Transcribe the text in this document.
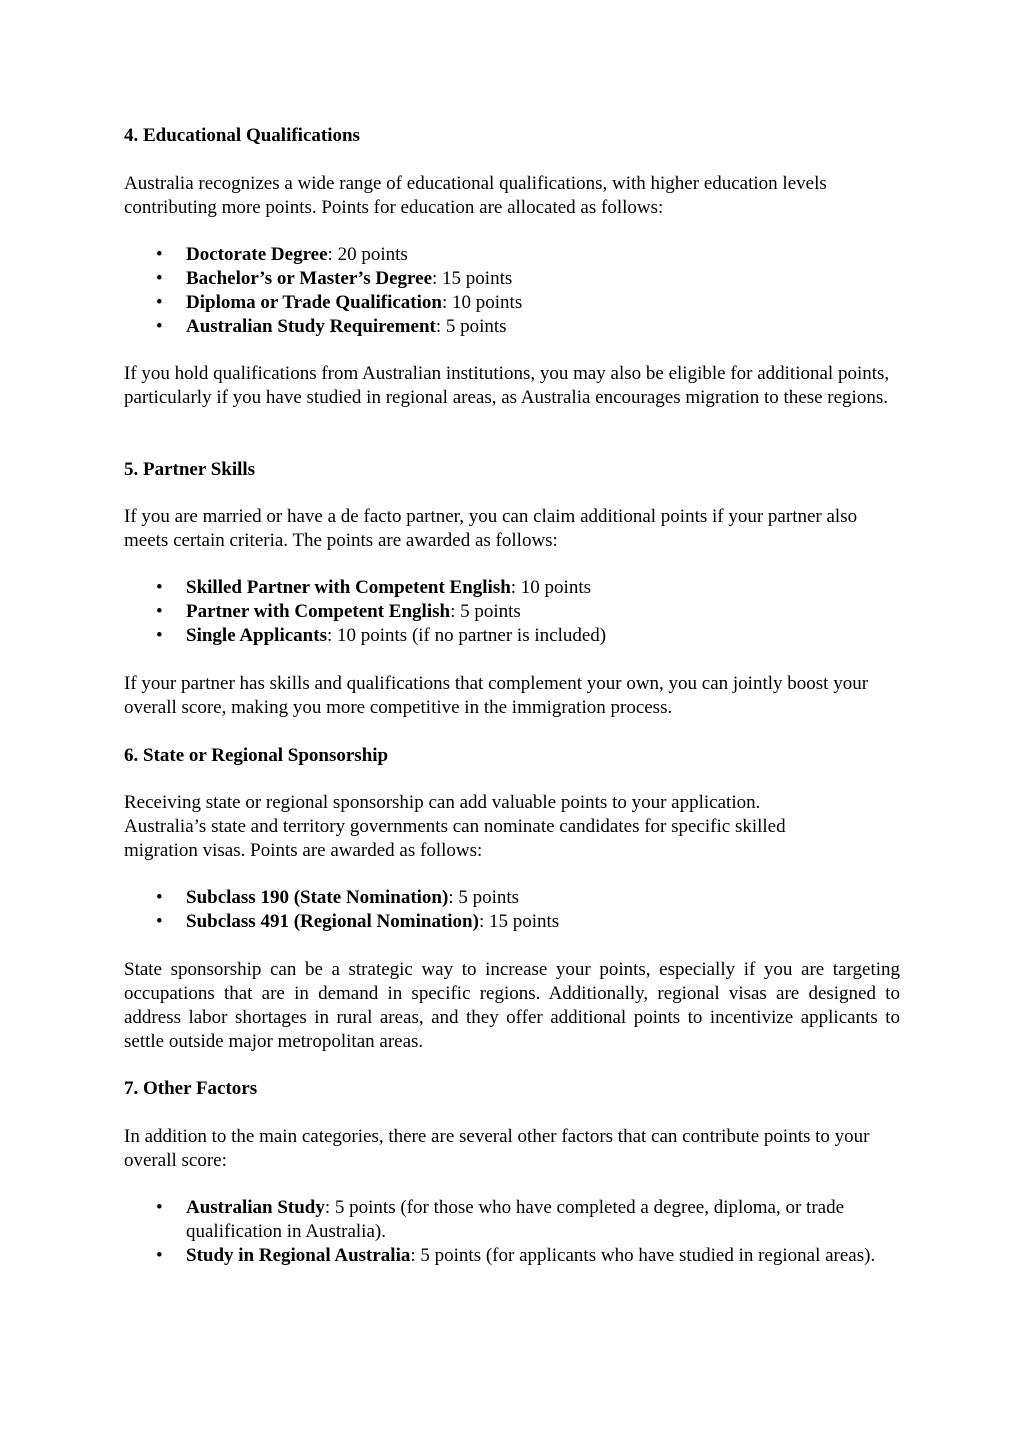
4. Educational Qualifications

Australia recognizes a wide range of educational qualifications, with higher education levels contributing more points. Points for education are allocated as follows:

• Doctorate Degree: 20 points
• Bachelor’s or Master’s Degree: 15 points
• Diploma or Trade Qualification: 10 points
• Australian Study Requirement: 5 points

If you hold qualifications from Australian institutions, you may also be eligible for additional points, particularly if you have studied in regional areas, as Australia encourages migration to these regions.

5. Partner Skills

If you are married or have a de facto partner, you can claim additional points if your partner also meets certain criteria. The points are awarded as follows:

• Skilled Partner with Competent English: 10 points
• Partner with Competent English: 5 points
• Single Applicants: 10 points (if no partner is included)

If your partner has skills and qualifications that complement your own, you can jointly boost your overall score, making you more competitive in the immigration process.

6. State or Regional Sponsorship

Receiving state or regional sponsorship can add valuable points to your application. Australia’s state and territory governments can nominate candidates for specific skilled migration visas. Points are awarded as follows:

• Subclass 190 (State Nomination): 5 points
• Subclass 491 (Regional Nomination): 15 points

State sponsorship can be a strategic way to increase your points, especially if you are targeting occupations that are in demand in specific regions. Additionally, regional visas are designed to address labor shortages in rural areas, and they offer additional points to incentivize applicants to settle outside major metropolitan areas.

7. Other Factors

In addition to the main categories, there are several other factors that can contribute points to your overall score:

• Australian Study: 5 points (for those who have completed a degree, diploma, or trade qualification in Australia).
• Study in Regional Australia: 5 points (for applicants who have studied in regional areas).
